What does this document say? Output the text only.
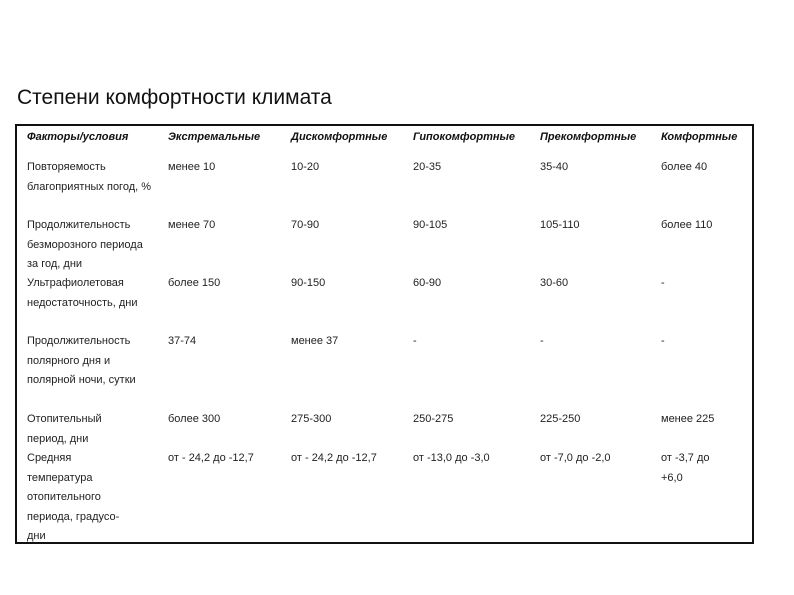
Степени комфортности климата
Факторы/условия	Экстремальные	Дискомфортные Гипокомфортные Прекомфортные Комфортные
Повторяемость благоприятных погод, %
менее 10	10-20	20-35	35-40	более 40
Продолжительность безморозного периода за год, дни
менее 70	70-90	90-105	105-110	более 110
Ультрафиолетовая недостаточность, дни
более 150	90-150	60-90	30-60	-
Продолжительность полярного дня и полярной ночи, сутки
37-74	менее 37	-	-	-
Отопительный период, дни
более 300	275-300	250-275	225-250	менее 225
Средняя температура отопительного периода, градусо-дни
от - 24,2 до -12,7	от - 24,2 до -12,7	от -13,0 до -3,0	от -7,0 до -2,0	от -3,7 до +6,0
